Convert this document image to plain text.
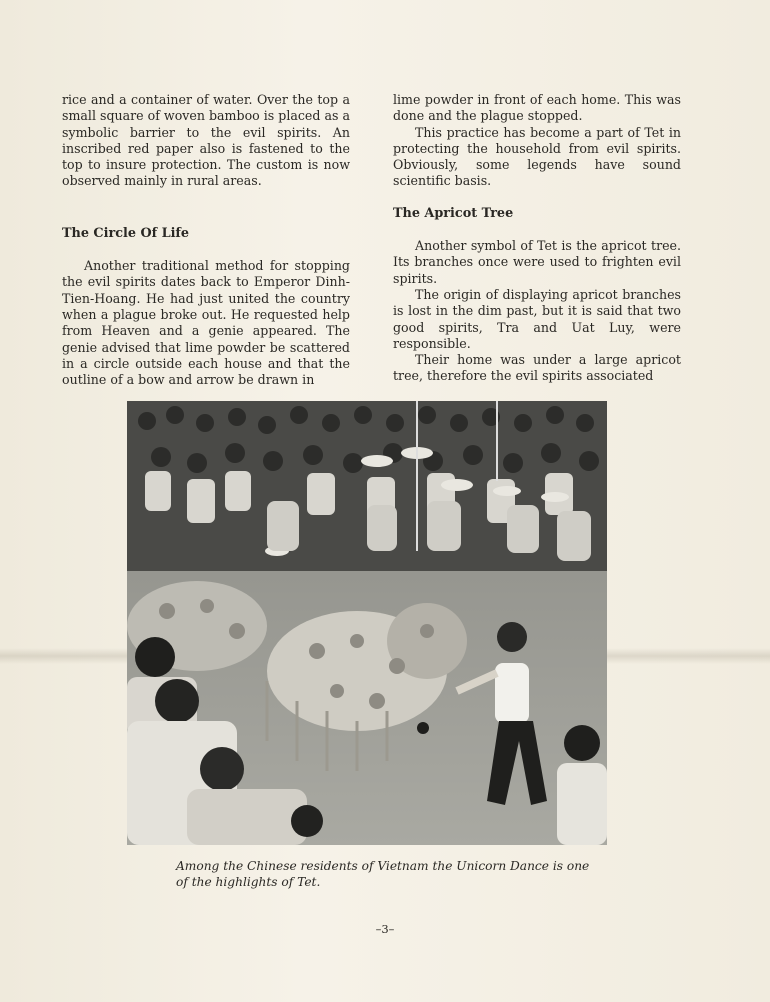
rice and a container of water. Over the top a small square of woven bamboo is placed as a symbolic barrier to the evil spirits. An inscribed red paper also is fastened to the top to insure protection. The custom is now observed mainly in rural areas.

The Circle Of Life

Another traditional method for stopping the evil spirits dates back to Emperor Dinh-Tien-Hoang. He had just united the country when a plague broke out. He requested help from Heaven and a genie appeared. The genie advised that lime powder be scattered in a circle outside each house and that the outline of a bow and arrow be drawn in

lime powder in front of each home. This was done and the plague stopped.

This practice has become a part of Tet in protecting the household from evil spirits. Obviously, some legends have sound scientific basis.

The Apricot Tree

Another symbol of Tet is the apricot tree. Its branches once were used to frighten evil spirits.

The origin of displaying apricot branches is lost in the dim past, but it is said that two good spirits, Tra and Uat Luy, were responsible.

Their home was under a large apricot tree, therefore the evil spirits associated

Among the Chinese residents of Vietnam the Unicorn Dance is one

of the highlights of Tet.

–3–
